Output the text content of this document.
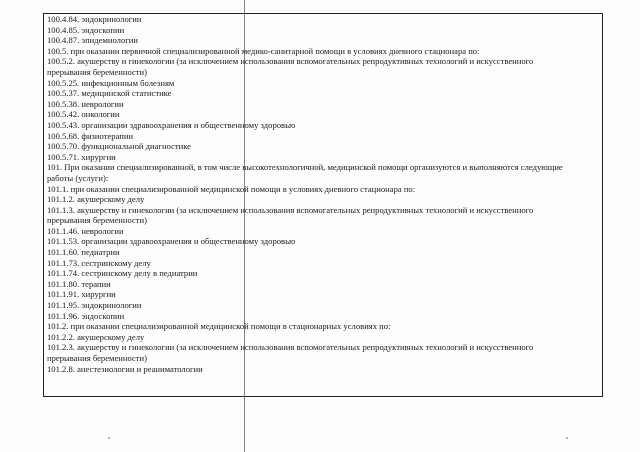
100.4.84. эндокринологии
100.4.85. эндоскопии
100.4.87. эпидемиологии
100.5. при оказании первичной специализированной медико-санитарной помощи в условиях дневного стационара по:
100.5.2. акушерству и гинекологии (за исключением использования вспомогательных репродуктивных технологий и искусственного
прерывания беременности)
100.5.25. инфекционным болезням
100.5.37. медицинской статистике
100.5.38. неврологии
100.5.42. онкологии
100.5.43. организации здравоохранения и общественному здоровью
100.5.68. физиотерапии
100.5.70. функциональной диагностике
100.5.71. хирургии
101. При оказании специализированной, в том числе высокотехнологичной, медицинской помощи организуются и выполняются следующие
работы (услуги):
101.1. при оказании специализированной медицинской помощи в условиях дневного стационара по:
101.1.2. акушерскому делу
101.1.3. акушерству и гинекологии (за исключением использования вспомогательных репродуктивных технологий и искусственного
прерывания беременности)
101.1.46. неврологии
101.1.53. организации здравоохранения и общественному здоровью
101.1.60. педиатрии
101.1.73. сестринскому делу
101.1.74. сестринскому делу в педиатрии
101.1.80. терапии
101.1.91. хирургии
101.1.95. эндокринологии
101.1.96. эндоскопии
101.2. при оказании специализированной медицинской помощи в стационарных условиях по:
101.2.2. акушерскому делу
101.2.3. акушерству и гинекологии (за исключением использования вспомогательных репродуктивных технологий и искусственного
прерывания беременности)
101.2.8. анестезиологии и реаниматологии
